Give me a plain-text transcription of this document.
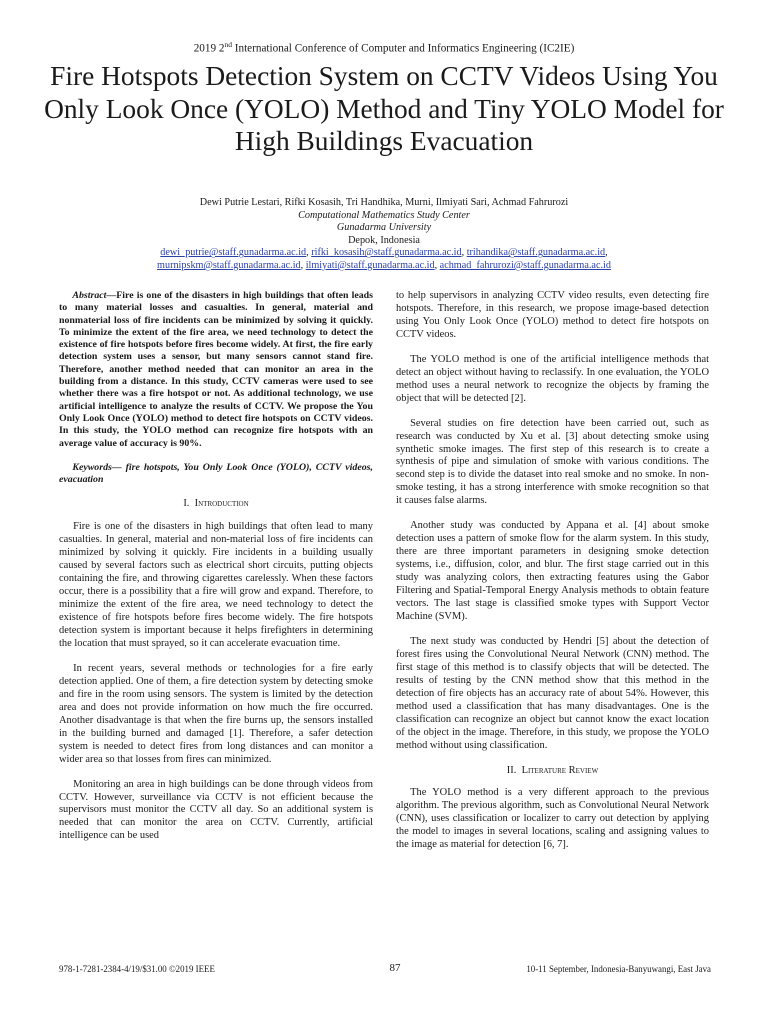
2019 2nd International Conference of Computer and Informatics Engineering (IC2IE)
Fire Hotspots Detection System on CCTV Videos Using You Only Look Once (YOLO) Method and Tiny YOLO Model for High Buildings Evacuation
Dewi Putrie Lestari, Rifki Kosasih, Tri Handhika, Murni, Ilmiyati Sari, Achmad Fahrurozi
Computational Mathematics Study Center
Gunadarma University
Depok, Indonesia
dewi_putrie@staff.gunadarma.ac.id, rifki_kosasih@staff.gunadarma.ac.id, trihandika@staff.gunadarma.ac.id,
murnipskm@staff.gunadarma.ac.id, ilmiyati@staff.gunadarma.ac.id, achmad_fahrurozi@staff.gunadarma.ac.id

Abstract—Fire is one of the disasters in high buildings that often leads to many material losses and casualties. In general, material and nonmaterial loss of fire incidents can be minimized by solving it quickly. To minimize the extent of the fire area, we need technology to detect the existence of fire hotspots before fires become widely. At first, the fire early detection system uses a sensor, but many sensors cannot stand fire. Therefore, another method needed that can monitor an area in the building from a distance. In this study, CCTV cameras were used to see whether there was a fire hotspot or not. As additional technology, we use artificial intelligence to analyze the results of CCTV. We propose the You Only Look Once (YOLO) method to detect fire hotspots on CCTV videos. In this study, the YOLO method can recognize fire hotspots with an average value of accuracy is 90%.

Keywords— fire hotspots, You Only Look Once (YOLO), CCTV videos, evacuation

I. Introduction

Fire is one of the disasters in high buildings that often lead to many casualties. In general, material and non-material loss of fire incidents can minimized by solving it quickly. Fire incidents in a building usually caused by several factors such as electrical short circuits, putting objects containing the fire, and throwing cigarettes carelessly. When these factors occur, there is a possibility that a fire will grow and expand. Therefore, to minimize the extent of the fire area, we need technology to detect the existence of fire hotspots before fires become widely. The fire hotspots detection system is important because it helps firefighters in determining the location that must sprayed, so it can accelerate evacuation time.

In recent years, several methods or technologies for a fire early detection applied. One of them, a fire detection system by detecting smoke and fire in the room using sensors. The system is limited by the detection area and does not provide information on how much the fire occurred. Another disadvantage is that when the fire burns up, the sensors installed in the building burned and damaged [1]. Therefore, a safer detection system is needed to detect fires from long distances and can monitor a wider area so that losses from fires can minimized.

Monitoring an area in high buildings can be done through videos from CCTV. However, surveillance via CCTV is not efficient because the supervisors must monitor the CCTV all day. So an additional system is needed that can monitor the area on CCTV. Currently, artificial intelligence can be used

to help supervisors in analyzing CCTV video results, even detecting fire hotspots. Therefore, in this research, we propose image-based detection using You Only Look Once (YOLO) method to detect fire hotspots on CCTV videos.

The YOLO method is one of the artificial intelligence methods that detect an object without having to reclassify. In one evaluation, the YOLO method uses a neural network to recognize the objects by framing the object that will be detected [2].

Several studies on fire detection have been carried out, such as research was conducted by Xu et al. [3] about detecting smoke using synthetic smoke images. The first step of this research is to create a synthesis of pipe and simulation of smoke with various conditions. The second step is to divide the dataset into real smoke and no smoke. In non-smoke testing, it has a strong interference with smoke recognition so that it causes false alarms.

Another study was conducted by Appana et al. [4] about smoke detection uses a pattern of smoke flow for the alarm system. In this study, there are three important parameters in designing smoke detection systems, i.e., diffusion, color, and blur. The first stage carried out in this study was analyzing colors, then extracting features using the Gabor Filtering and Spatial-Temporal Energy Analysis methods to obtain feature vectors. The last stage is classified smoke types with Support Vector Machine (SVM).

The next study was conducted by Hendri [5] about the detection of forest fires using the Convolutional Neural Network (CNN) method. The first stage of this method is to classify objects that will be detected. The results of testing by the CNN method show that this method in the detection of fire objects has an accuracy rate of about 54%. However, this method used a classification that has many disadvantages. One is the classification can recognize an object but cannot know the exact location of the object in the image. Therefore, in this study, we propose the YOLO method without using classification.

II. Literature Review

The YOLO method is a very different approach to the previous algorithm. The previous algorithm, such as Convolutional Neural Network (CNN), uses classification or localizer to carry out detection by applying the model to images in several locations, scaling and assigning values to the image as material for detection [6, 7].

978-1-7281-2384-4/19/$31.00 ©2019 IEEE	87	10-11 September, Indonesia-Banyuwangi, East Java
